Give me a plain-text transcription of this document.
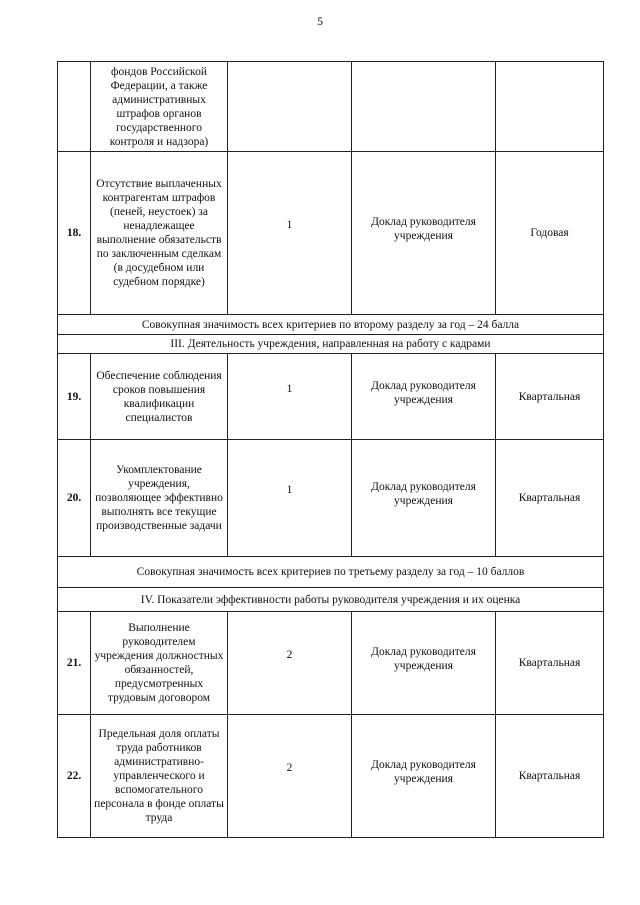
5
	фондов Российской Федерации, а также административных штрафов органов государственного контроля и надзора)		

18.	Отсутствие выплаченных контрагентам штрафов (пеней, неустоек) за ненадлежащее выполнение обязательств по заключенным сделкам (в досудебном или судебном порядке)	1	Доклад руководителя учреждения	Годовая
Совокупная значимость всех критериев по второму разделу за год – 24 балла				
III. Деятельность учреждения, направленная на работу с кадрами				
19.	Обеспечение соблюдения сроков повышения квалификации специалистов	1	Доклад руководителя учреждения	Квартальная
20.	Укомплектование учреждения, позволяющее эффективно выполнять все текущие производственные задачи	1	Доклад руководителя учреждения	Квартальная
Совокупная значимость всех критериев по третьему разделу за год – 10 баллов				
IV. Показатели эффективности работы руководителя учреждения и их оценка				
21.	Выполнение руководителем учреждения должностных обязанностей, предусмотренных трудовым договором	2	Доклад руководителя учреждения	Квартальная
22.	Предельная доля оплаты труда работников административно-управленческого и вспомогательного персонала в фонде оплаты труда	2	Доклад руководителя учреждения	Квартальная
